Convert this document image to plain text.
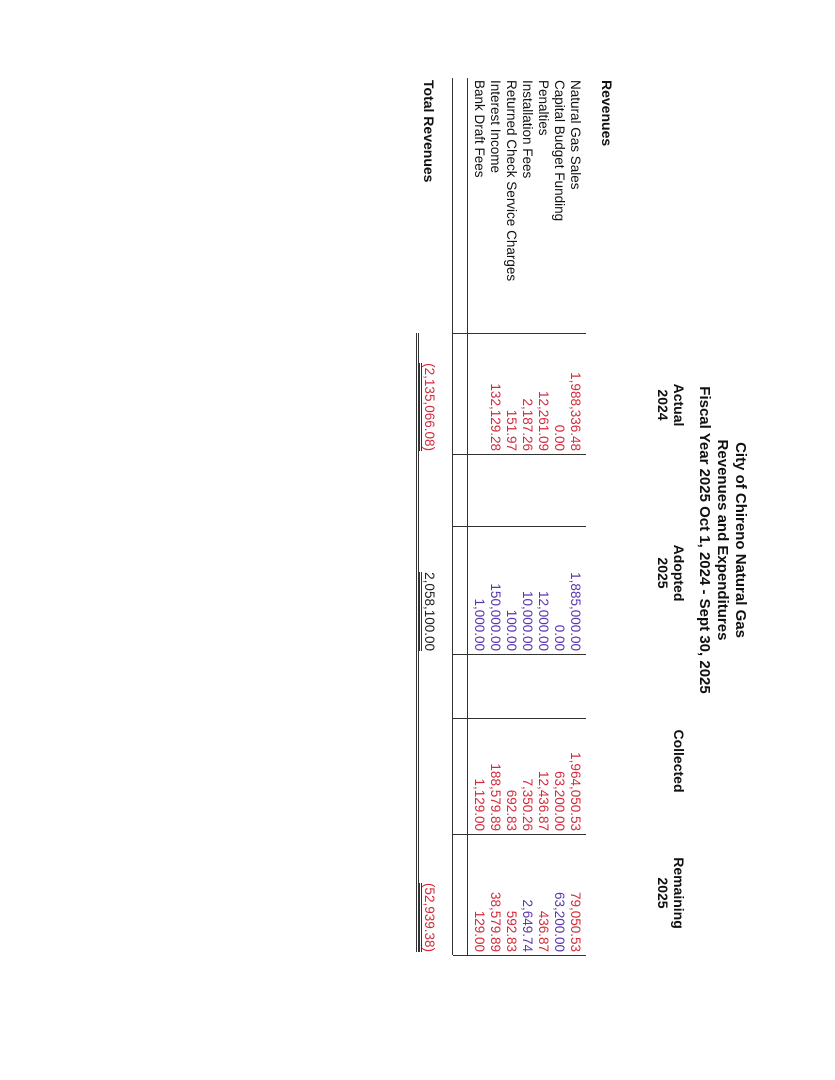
City of Chireno Natural Gas
Revenues and Expenditures
Fiscal Year 2025 Oct 1, 2024 - Sept 30, 2025
Actual
2024
Adopted
2025
Collected
Remaining
2025
Revenues
Natural Gas Sales
Capital Budget Funding
Penalties
Installation Fees
Returned Check Service Charges
Interest Income
Bank Draft Fees
1,988,336.48
0.00
12,261.09
2,187.26
151.97
132,129.28
1,885,000.00
0.00
12,000.00
10,000.00
100.00
150,000.00
1,000.00
1,964,050.53
63,200.00
12,436.87
7,350.26
692.83
188,579.89
1,129.00
79,050.53
63,200.00
436.87
2,649.74
592.83
38,579.89
129.00
Total Revenues
(2,135,066.08)
2,058,100.00
(52,939.38)
